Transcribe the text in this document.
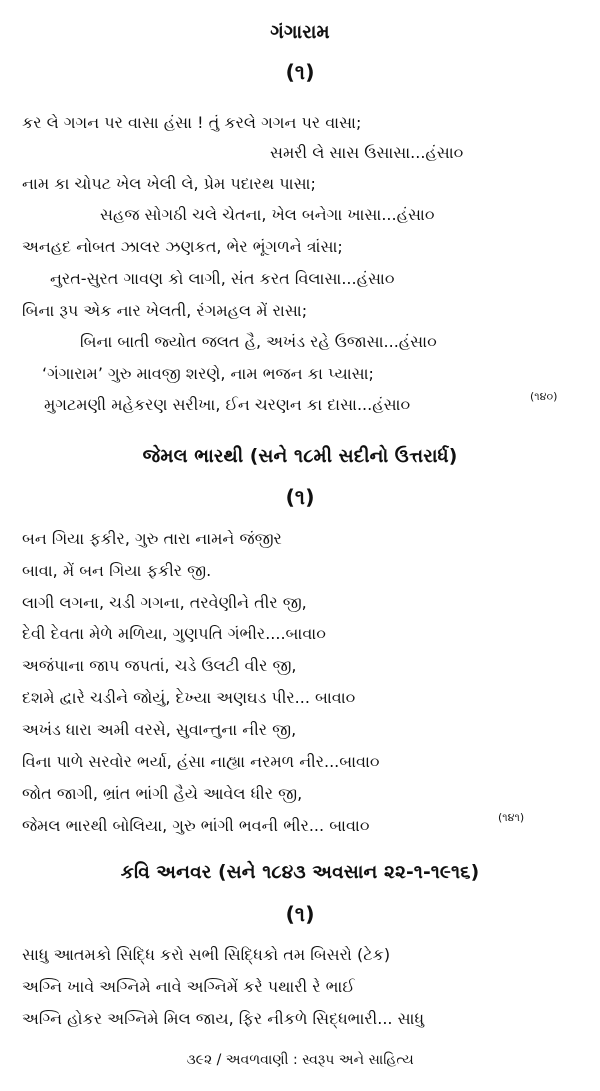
ગંગારામ
(૧)
કર લે ગગન પર વાસા હંસા ! તું કરલે ગગન પર વાસા;
સમરી લે સાસ ઉસાસા...હંસા૦
નામ કા ચોપટ ખેલ ખેલી લે, પ્રેમ પદારથ પાસા;
સહજ સોગઠી ચલે ચેતના, ખેલ બનેગા ખાસા...હંસા૦
અનહદ નોબત ઝાલર ઝણકત, ભેર ભૂંગળને ત્રાંસા;
નુરત-સુરત ગાવણ કો લાગી, સંત કરત વિલાસા...હંસા૦
બિના રૂપ એક નાર ખેલતી, રંગમહલ મેં રાસા;
બિના બાતી જ્યોત જલત હૈ, અખંડ રહે ઉજાસા...હંસા૦
‘ગંગારામ’ ગુરુ માવજી શરણે, નામ ભજન કા પ્યાસા;
મુગટમણી મહેકરણ સરીખા, ઈન ચરણન કા દાસા...હંસા૦	(૧૪૦)
જેમલ ભારથી (સને ૧૮મી સદીનો ઉત્તરાર્ધ)
(૧)
બન ગિયા ફકીર, ગુરુ તારા નામને જંજીર
બાવા, મેં બન ગિયા ફકીર જી.
લાગી લગના, ચડી ગગના, તરવેણીને તીર જી,
દેવી દેવતા મેળે મળિયા, ગુણપતિ ગંભીર....બાવા૦
અજંપાના જાપ જપતાં, ચડે ઉલટી વીર જી,
દશમે દ્વારે ચડીને જોયું, દેખ્યા અણઘડ પીર... બાવા૦
અખંડ ધારા અમી વરસે, સુવાન્તુના નીર જી,
વિના પાળે સરવોર ભર્યા, હંસા નાહ્યા નરમળ નીર...બાવા૦
જોત જાગી, ભ્રાંત ભાંગી હૈયે આવેલ ધીર જી,
જેમલ ભારથી બોલિયા, ગુરુ ભાંગી ભવની ભીર... બાવા૦	(૧૪૧)
કવિ અનવર (સને ૧૮૪૩ અવસાન ૨૨-૧-૧૯૧૬)
(૧)
સાધુ આતમકો સિદ્ધિ કરો સભી સિદ્ધિકો તમ બિસરો (ટેક)
અગ્નિ ખાવે અગ્નિમે નાવે અગ્નિમેં કરે પથારી રે ભાઈ
અગ્નિ હોકર અગ્નિમે મિલ જાય, ફિર નીકળે સિદ્ધભારી... સાધુ
૩૯૨ / અવળવાણી : સ્વરૂપ અને સાહિત્ય
